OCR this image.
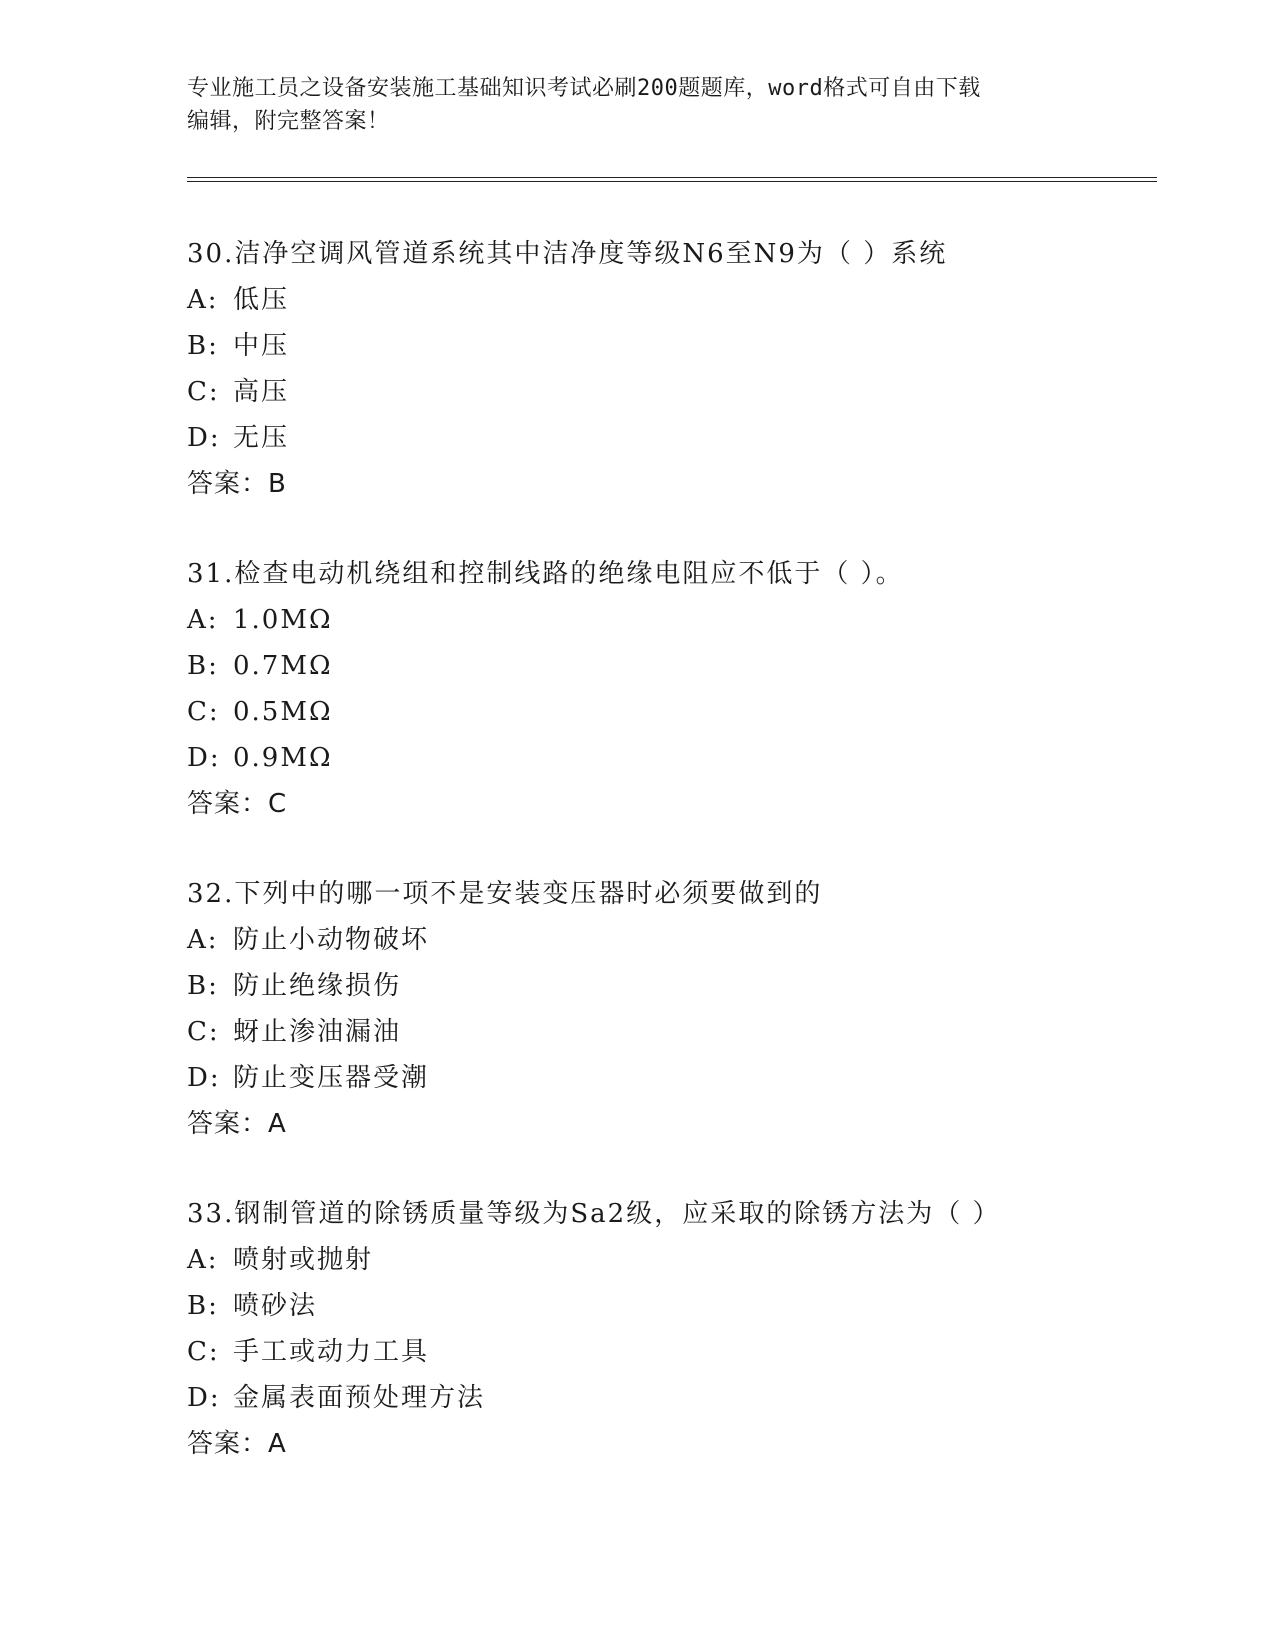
专业施工员之设备安装施工基础知识考试必刷200题题库，word格式可自由下载
编辑，附完整答案！
30.洁净空调风管道系统其中洁净度等级N6至N9为（ ）系统
A: 低压
B: 中压
C: 高压
D: 无压
答案：B
31.检查电动机绕组和控制线路的绝缘电阻应不低于（ ）。
A: 1.0MΩ
B: 0.7MΩ
C: 0.5MΩ
D: 0.9MΩ
答案：C
32.下列中的哪一项不是安装变压器时必须要做到的
A: 防止小动物破坏
B: 防止绝缘损伤
C: 蚜止渗油漏油
D: 防止变压器受潮
答案：A
33.钢制管道的除锈质量等级为Sa2级，应采取的除锈方法为（ ）
A: 喷射或抛射
B: 喷砂法
C: 手工或动力工具
D: 金属表面预处理方法
答案：A
